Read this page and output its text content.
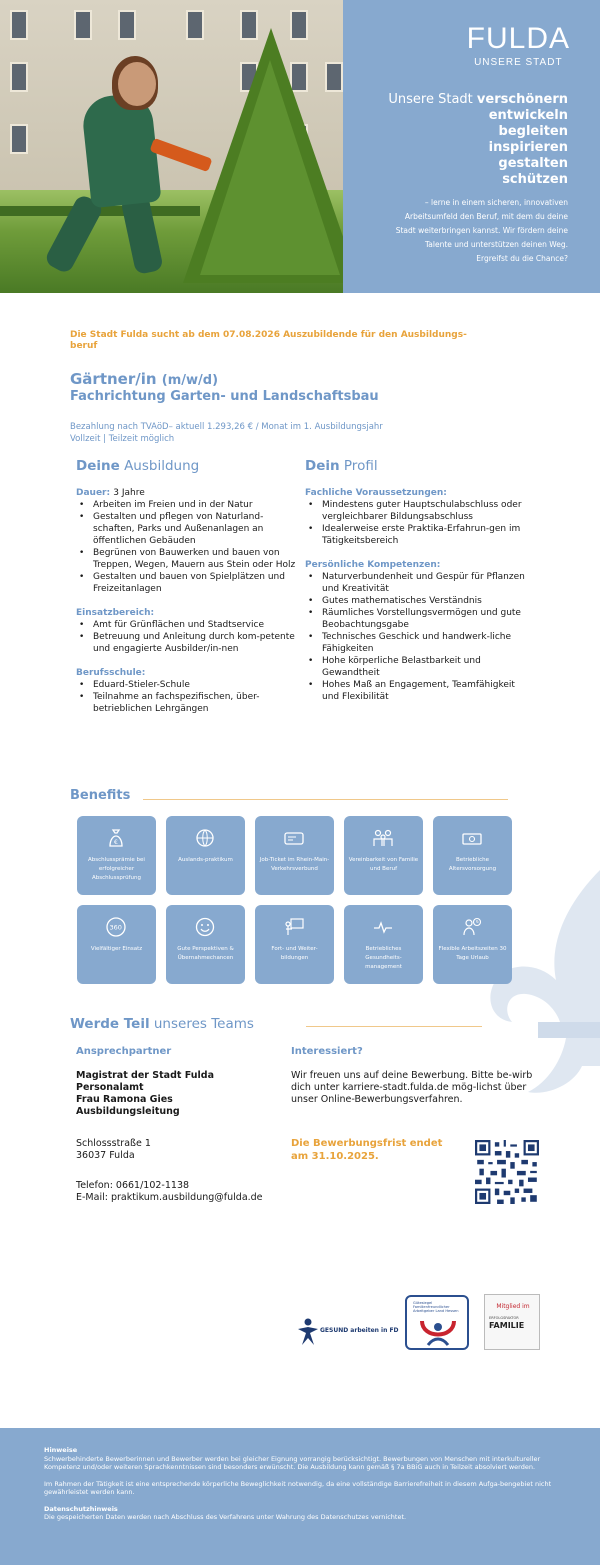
FULDA
UNSERE STADT
Unsere Stadt verschönern
entwickeln
begleiten
inspirieren
gestalten
schützen
– lerne in einem sicheren, innovativen
Arbeitsumfeld den Beruf, mit dem du deine
Stadt weiterbringen kannst. Wir fördern deine
Talente und unterstützen deinen Weg.
Ergreifst du die Chance?
Die Stadt Fulda sucht ab dem 07.08.2026 Auszubildende für den Ausbildungs-
beruf
Gärtner/in (m/w/d)
Fachrichtung Garten- und Landschaftsbau
Bezahlung nach TVAöD– aktuell 1.293,26 € / Monat im 1. Ausbildungsjahr
Vollzeit | Teilzeit möglich
Deine Ausbildung
Dauer: 3 Jahre
• Arbeiten im Freien und in der Natur
• Gestalten und pflegen von Naturland-schaften, Parks und Außenanlagen an öffentlichen Gebäuden
• Begrünen von Bauwerken und bauen von Treppen, Wegen, Mauern aus Stein oder Holz
• Gestalten und bauen von Spielplätzen und Freizeitanlagen
Einsatzbereich:
• Amt für Grünflächen und Stadtservice
• Betreuung und Anleitung durch kom-petente und engagierte Ausbilder/in-nen
Berufsschule:
• Eduard-Stieler-Schule
• Teilnahme an fachspezifischen, über-betrieblichen Lehrgängen
Dein Profil
Fachliche Voraussetzungen:
• Mindestens guter Hauptschulabschluss oder vergleichbarer Bildungsabschluss
• Idealerweise erste Praktika-Erfahrun-gen im Tätigkeitsbereich
Persönliche Kompetenzen:
• Naturverbundenheit und Gespür für Pflanzen und Kreativität
• Gutes mathematisches Verständnis
• Räumliches Vorstellungsvermögen und gute Beobachtungsgabe
• Technisches Geschick und handwerk-liche Fähigkeiten
• Hohe körperliche Belastbarkeit und Gewandtheit
• Hohes Maß an Engagement, Teamfähigkeit und Flexibilität
Benefits
€
Abschlussprämie bei erfolgreicher Abschlussprüfung
Auslands-praktikum	Job-Ticket im Rhein-Main-Verkehrsverbund
Vereinbarkeit von Familie und Beruf
Betriebliche Altersvorsorgung
360
Vielfältiger Einsatz	Gute Perspektiven & Übernahmechancen
Fort- und Weiter-bildungen
Betriebliches Gesundheits-management
Flexible Arbeitszeiten 30 Tage Urlaub
Werde Teil unseres Teams
Ansprechpartner
Magistrat der Stadt Fulda
Personalamt
Frau Ramona Gies
Ausbildungsleitung
Schlossstraße 1
36037 Fulda
Telefon: 0661/102-1138
E-Mail: praktikum.ausbildung@fulda.de
Interessiert?
Wir freuen uns auf deine Bewerbung. Bitte be-wirb dich unter karriere-stadt.fulda.de mög-lichst über unser Online-Bewerbungsverfahren.
Die Bewerbungsfrist endet
am 31.10.2025.
GESUND arbeiten in FD
Gütesiegel Familienfreundlicher Arbeitgeber Land Hessen
Mitglied im
ERFOLGSFAKTOR
FAMILIE
Hinweise
Schwerbehinderte Bewerberinnen und Bewerber werden bei gleicher Eignung vorrangig berücksichtigt. Bewerbungen von Menschen mit interkultureller Kompetenz und/oder weiteren Sprachkenntnissen sind besonders erwünscht. Die Ausbildung kann gemäß § 7a BBiG auch in Teilzeit absolviert werden.
Im Rahmen der Tätigkeit ist eine entsprechende körperliche Beweglichkeit notwendig, da eine vollständige Barrierefreiheit in diesem Aufga-bengebiet nicht gewährleistet werden kann.
Datenschutzhinweis
Die gespeicherten Daten werden nach Abschluss des Verfahrens unter Wahrung des Datenschutzes vernichtet.
